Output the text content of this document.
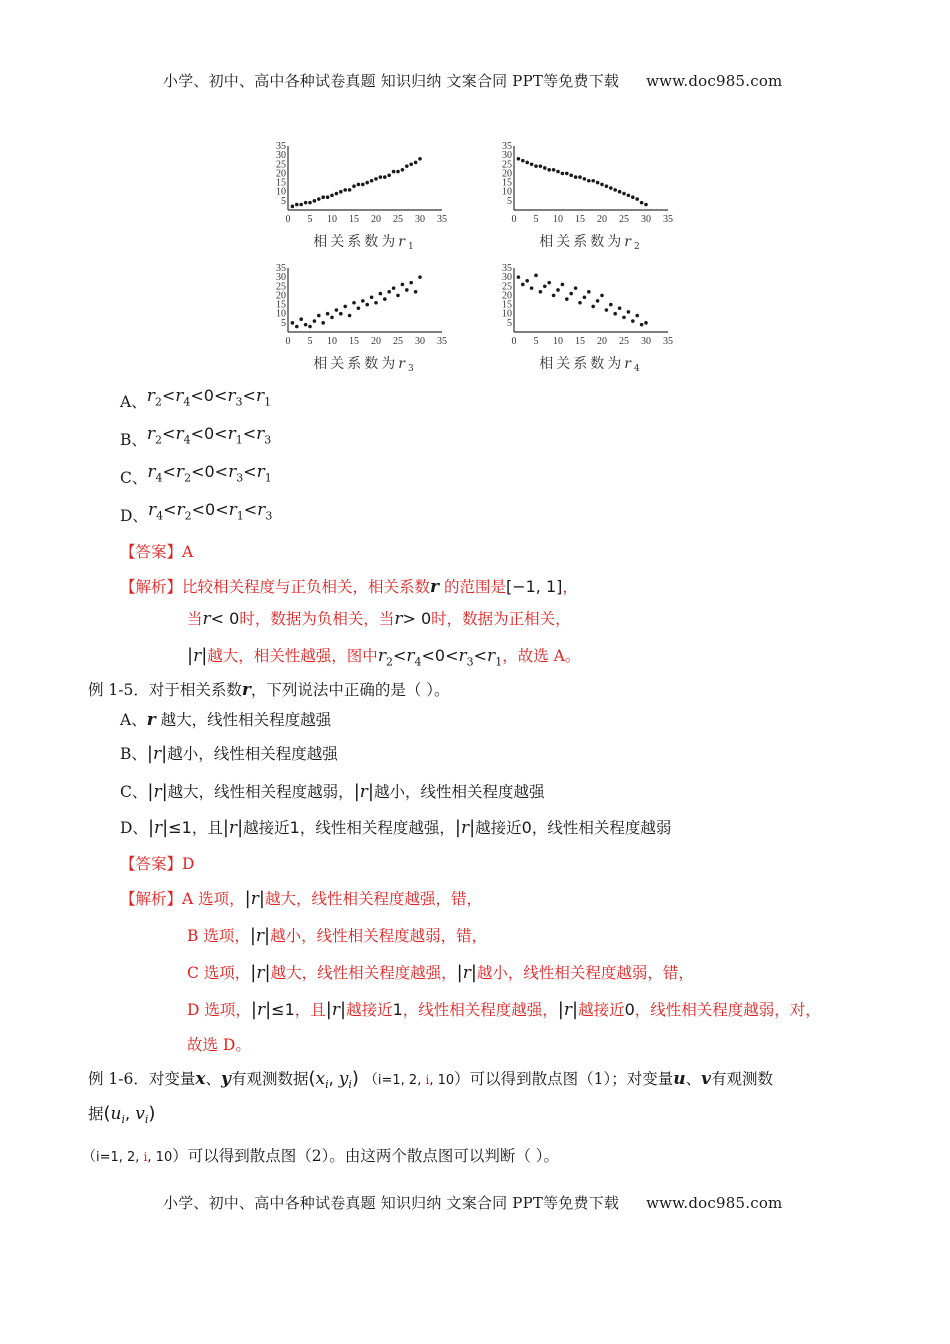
小学、初中、高中各种试卷真题 知识归纳 文案合同 PPT等免费下载 www.doc985.com
0 5 10 15 20 25 30 35
5
10
15
20
25
30
35
相关系数为$r_1$
0 5 10 15 20 25 30 35
5
10
15
20
25
30
35
相关系数为$r_2$
0 5 10 15 20 25 30 35
5
10
15
20
25
30
35
相关系数为$r_3$
0 5 10 15 20 25 30 35
5
10
15
20
25
30
35
相关系数为$r_4$
A、$r_2<r_4<0<r_3<r_1$
B、$r_2<r_4<0<r_1<r_3$
C、$r_4<r_2<0<r_3<r_1$
D、$r_4<r_2<0<r_1<r_3$
【答案】A
【解析】比较相关程度与正负相关，相关系数r 的范围是[−1, 1]，
当r< 0时，数据为负相关，当r> 0时，数据为正相关，
|r|越大，相关性越强，图中$r_2<r_4<0<r_3<r_1$，故选 A。
例 1-5．对于相关系数r，下列说法中正确的是（ ）。
A、r 越大，线性相关程度越强
B、|r|越小，线性相关程度越强
C、|r|越大，线性相关程度越弱，|r|越小，线性相关程度越强
D、|r|≤1，且|r|越接近1，线性相关程度越强，|r|越接近0，线性相关程度越弱
【答案】D
【解析】A 选项，|r|越大，线性相关程度越强，错，
B 选项，|r|越小，线性相关程度越弱，错，
C 选项，|r|越大，线性相关程度越强，|r|越小，线性相关程度越弱，错，
D 选项，|r|≤1，且|r|越接近1，线性相关程度越强，|r|越接近0，线性相关程度越弱，对，
故选 D。
例 1-6．对变量x、y有观测数据($x_i$, $y_i$) （i=1, 2, ⅰ, 10）可以得到散点图（1）；对变量u、v有观测数
据($u_i$, $v_i$)
（i=1, 2, ⅰ, 10）可以得到散点图（2）。由这两个散点图可以判断（ ）。
小学、初中、高中各种试卷真题 知识归纳 文案合同 PPT等免费下载 www.doc985.com
